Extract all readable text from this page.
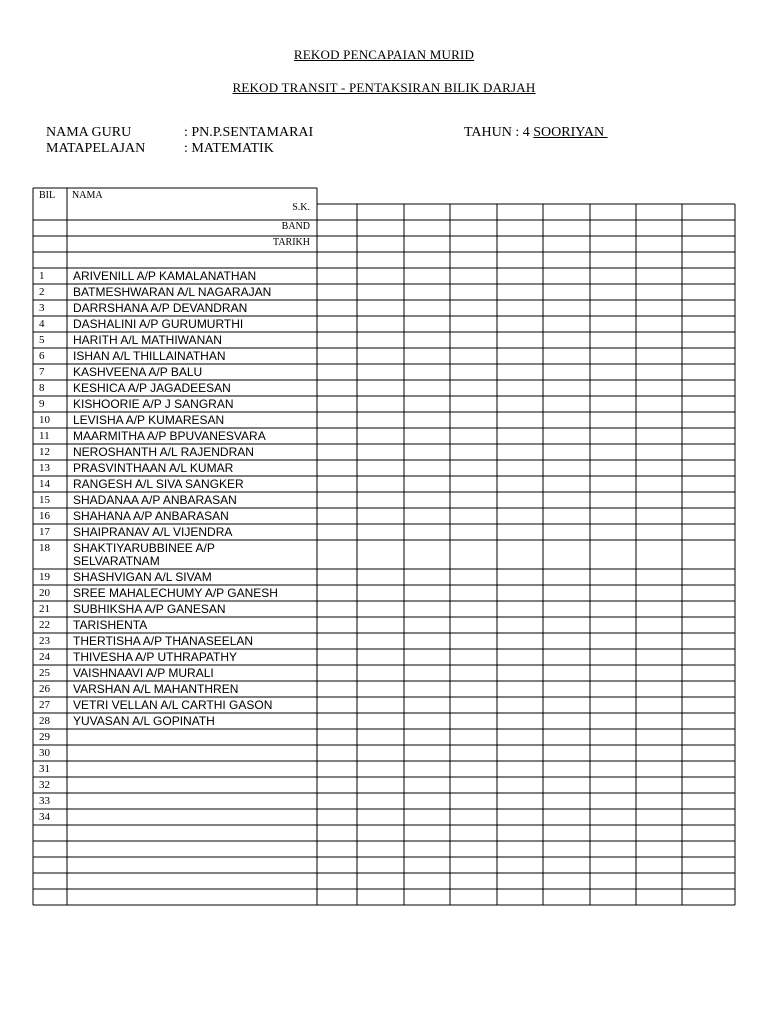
REKOD PENCAPAIAN MURID
REKOD TRANSIT - PENTAKSIRAN BILIK DARJAH
NAMA GURU	: PN.P.SENTAMARAI
MATAPELAJAN	: MATEMATIK
TAHUN : 4 SOORIYAN
BIL NAMA
S.K.
BAND
TARIKH
1 ARIVENILL A/P KAMALANATHAN
2 BATMESHWARAN A/L NAGARAJAN
3 DARRSHANA A/P DEVANDRAN
4 DASHALINI A/P GURUMURTHI
5 HARITH A/L MATHIWANAN
6 ISHAN A/L THILLAINATHAN
7 KASHVEENA A/P BALU
8 KESHICA A/P JAGADEESAN
9 KISHOORIE A/P J SANGRAN
10 LEVISHA A/P KUMARESAN
11 MAARMITHA A/P BPUVANESVARA
12 NEROSHANTH A/L RAJENDRAN
13 PRASVINTHAAN A/L KUMAR
14 RANGESH A/L SIVA SANGKER
15 SHADANAA A/P ANBARASAN
16 SHAHANA A/P ANBARASAN
17 SHAIPRANAV A/L VIJENDRA
18 SHAKTIYARUBBINEE A/P
SELVARATNAM
19 SHASHVIGAN A/L SIVAM
20 SREE MAHALECHUMY A/P GANESH
21 SUBHIKSHA A/P GANESAN
22 TARISHENTA
23 THERTISHA A/P THANASEELAN
24 THIVESHA A/P UTHRAPATHY
25 VAISHNAAVI A/P MURALI
26 VARSHAN A/L MAHANTHREN
27 VETRI VELLAN A/L CARTHI GASON
28 YUVASAN A/L GOPINATH
29
30
31
32
33
34
